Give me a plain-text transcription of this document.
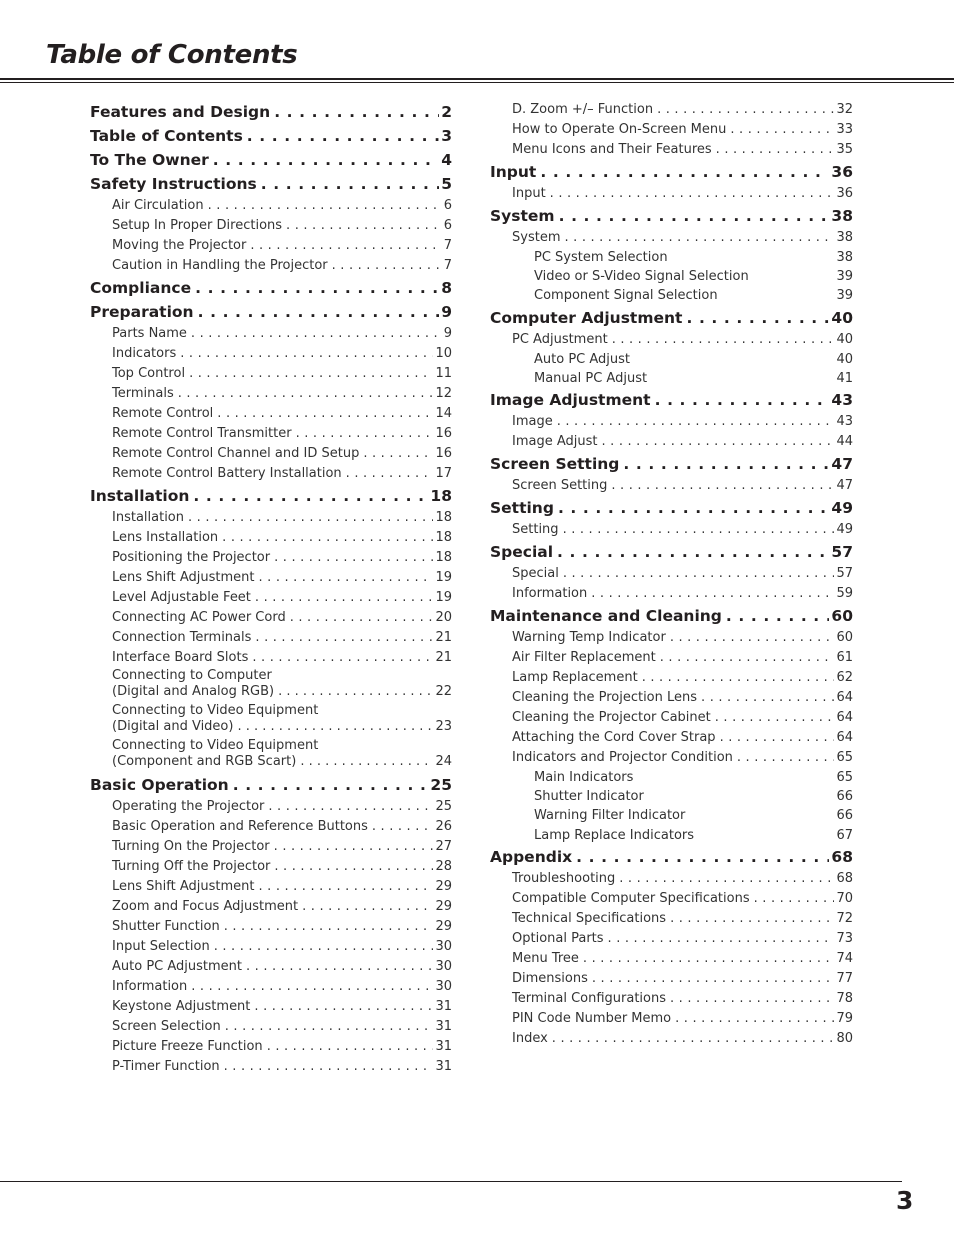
Table of Contents
Features and Design . . .	2
Table of Contents . . .	3
To The Owner . . .	4
Safety Instructions . . .	5
Air Circulation . . .	6
Setup In Proper Directions . . .	6
Moving the Projector . . .	7
Caution in Handling the Projector . . .	7
Compliance . . .	8
Preparation . . .	9
Parts Name . . .	9
Indicators . . .	10
Top Control . . .	11
Terminals . . .	12
Remote Control . . .	14
Remote Control Transmitter . . .	16
Remote Control Channel and ID Setup . . .	16
Remote Control Battery Installation . . .	17
Installation . . .	18
Installation . . .	18
Lens Installation . . .	18
Positioning the Projector . . .	18
Lens Shift Adjustment . . .	19
Level Adjustable Feet . . .	19
Connecting AC Power Cord . . .	20
Connection Terminals . . .	21
Interface Board Slots . . .	21
Connecting to Computer
(Digital and Analog RGB) . . .	22
Connecting to Video Equipment
(Digital and Video) . . .	23
Connecting to Video Equipment
(Component and RGB Scart) . . .	24
Basic Operation . . .	25
Operating the Projector . . .	25
Basic Operation and Reference Buttons . . .	26
Turning On the Projector . . .	27
Turning Off the Projector . . .	28
Lens Shift Adjustment . . .	29
Zoom and Focus Adjustment . . .	29
Shutter Function . . .	29
Input Selection . . .	30
Auto PC Adjustment . . .	30
Information . . .	30
Keystone Adjustment . . .	31
Screen Selection . . .	31
Picture Freeze Function . . .	31
P-Timer Function . . .	31
D. Zoom +/– Function . . .	32
How to Operate On-Screen Menu . . .	33
Menu Icons and Their Features . . .	35
Input . . .	36
Input . . .	36
System . . .	38
System . . .	38
PC System Selection	38
Video or S-Video Signal Selection	39
Component Signal Selection	39
Computer Adjustment . . .	40
PC Adjustment . . .	40
Auto PC Adjust	40
Manual PC Adjust	41
Image Adjustment . . .	43
Image . . .	43
Image Adjust . . .	44
Screen Setting . . .	47
Screen Setting . . .	47
Setting . . .	49
Setting . . .	49
Special . . .	57
Special . . .	57
Information . . .	59
Maintenance and Cleaning . . .	60
Warning Temp Indicator . . .	60
Air Filter Replacement . . .	61
Lamp Replacement . . .	62
Cleaning the Projection Lens . . .	64
Cleaning the Projector Cabinet . . .	64
Attaching the Cord Cover Strap . . .	64
Indicators and Projector Condition . . .	65
Main Indicators	65
Shutter Indicator	66
Warning Filter Indicator	66
Lamp Replace Indicators	67
Appendix . . .	68
Troubleshooting . . .	68
Compatible Computer Specifications . . .	70
Technical Specifications . . .	72
Optional Parts . . .	73
Menu Tree . . .	74
Dimensions . . .	77
Terminal Configurations . . .	78
PIN Code Number Memo . . .	79
Index . . .	80
3
